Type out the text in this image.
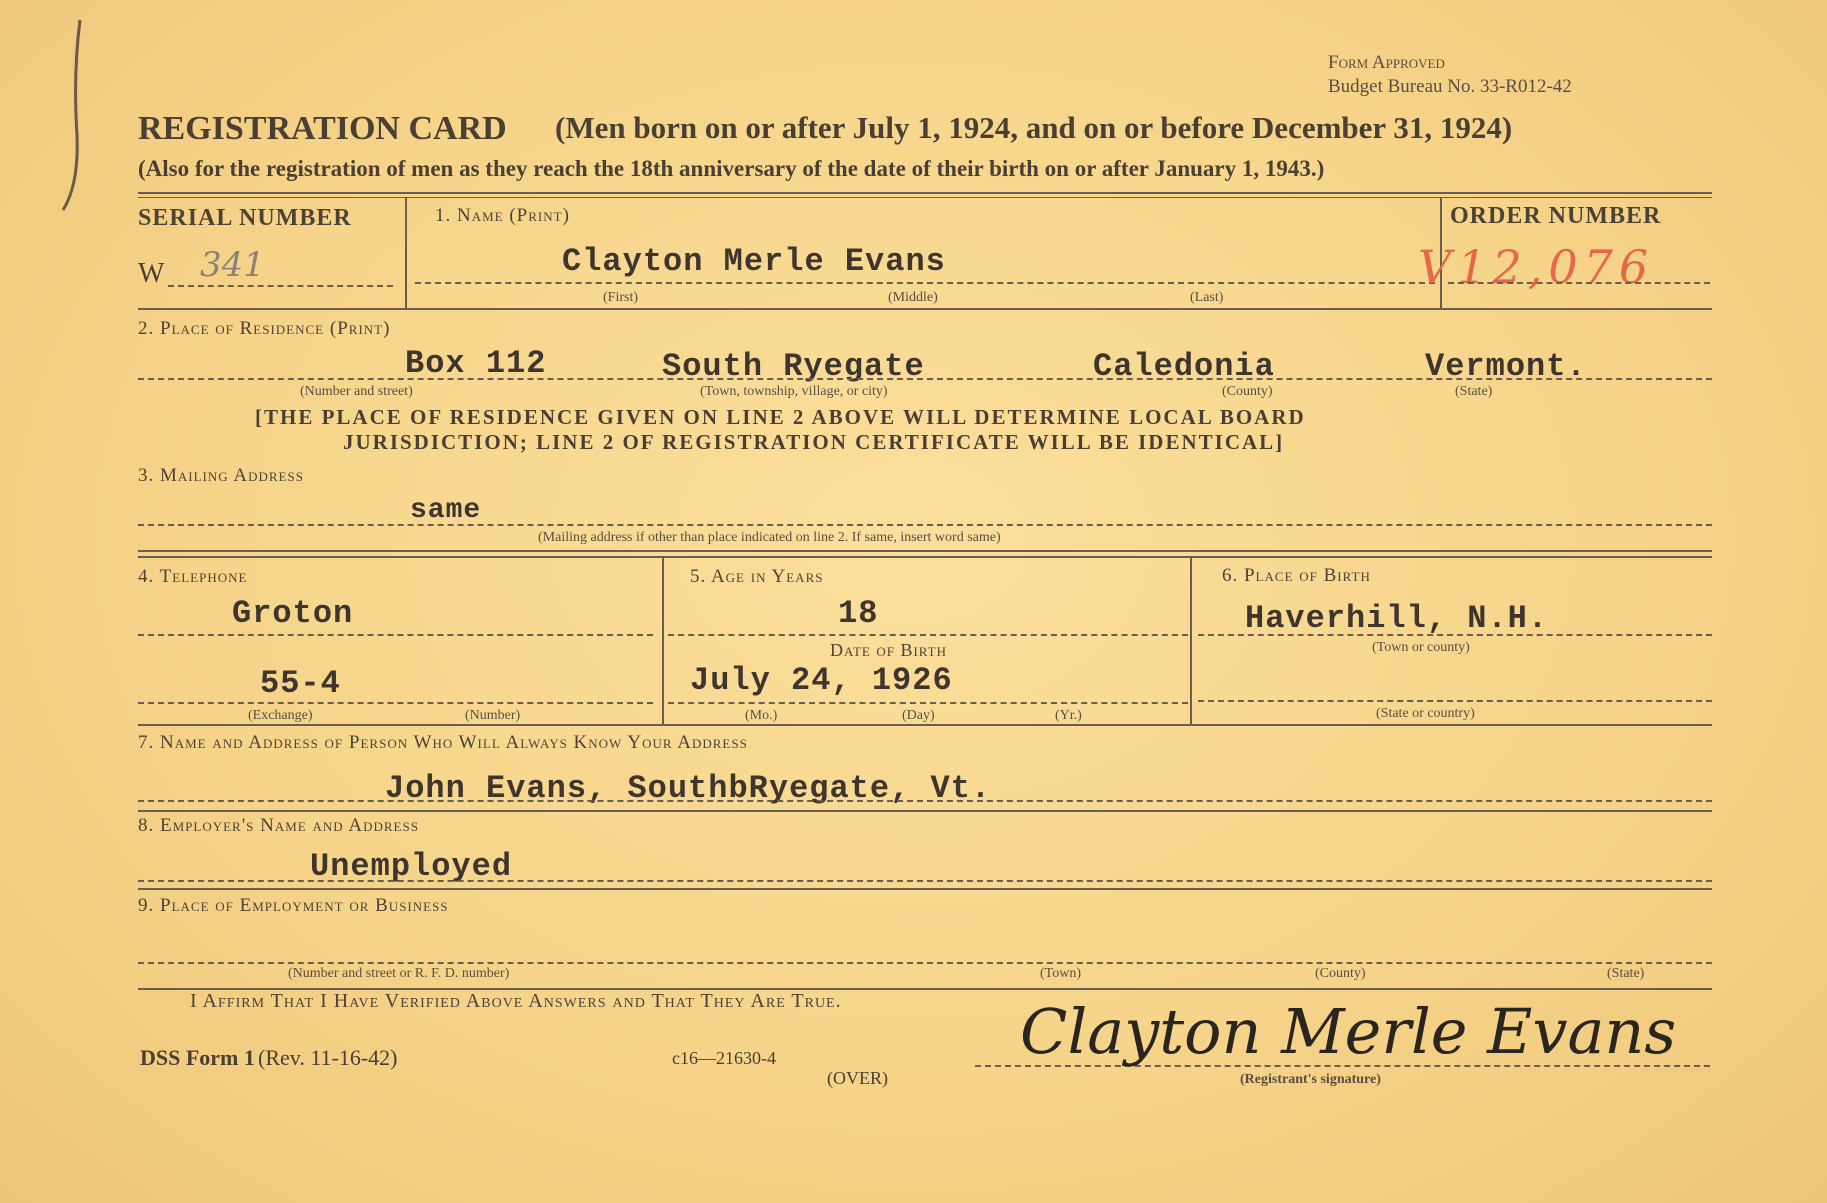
Form Approved
Budget Bureau No. 33-R012-42
REGISTRATION CARD (Men born on or after July 1, 1924, and on or before December 31, 1924)
(Also for the registration of men as they reach the 18th anniversary of the date of their birth on or after January 1, 1943.)
SERIAL NUMBER
W 341
1. Name (Print)
Clayton Merle Evans
(First)	(Middle)	(Last)
ORDER NUMBER
V12,076
2. Place of Residence (Print)
Box 112	South Ryegate	Caledonia	Vermont.
(Number and street)	(Town, township, village, or city)	(County)	(State)
[THE PLACE OF RESIDENCE GIVEN ON LINE 2 ABOVE WILL DETERMINE LOCAL BOARD
JURISDICTION; LINE 2 OF REGISTRATION CERTIFICATE WILL BE IDENTICAL]
3. Mailing Address
same
(Mailing address if other than place indicated on line 2. If same, insert word same)
4. Telephone
Groton
55-4
(Exchange)	(Number)
5. Age in Years
18
Date of Birth
July 24, 1926
(Mo.)	(Day)	(Yr.)
6. Place of Birth
Haverhill, N.H.
(Town or county)
(State or country)
7. Name and Address of Person Who Will Always Know Your Address
John Evans, SouthbRyegate, Vt.
8. Employer's Name and Address
Unemployed
9. Place of Employment or Business
(Number and street or R. F. D. number)	(Town)	(County)	(State)
I Affirm That I Have Verified Above Answers and That They Are True.
DSS Form 1 (Rev. 11-16-42)	c16—21630-4
(OVER)
Clayton Merle Evans
(Registrant's signature)
